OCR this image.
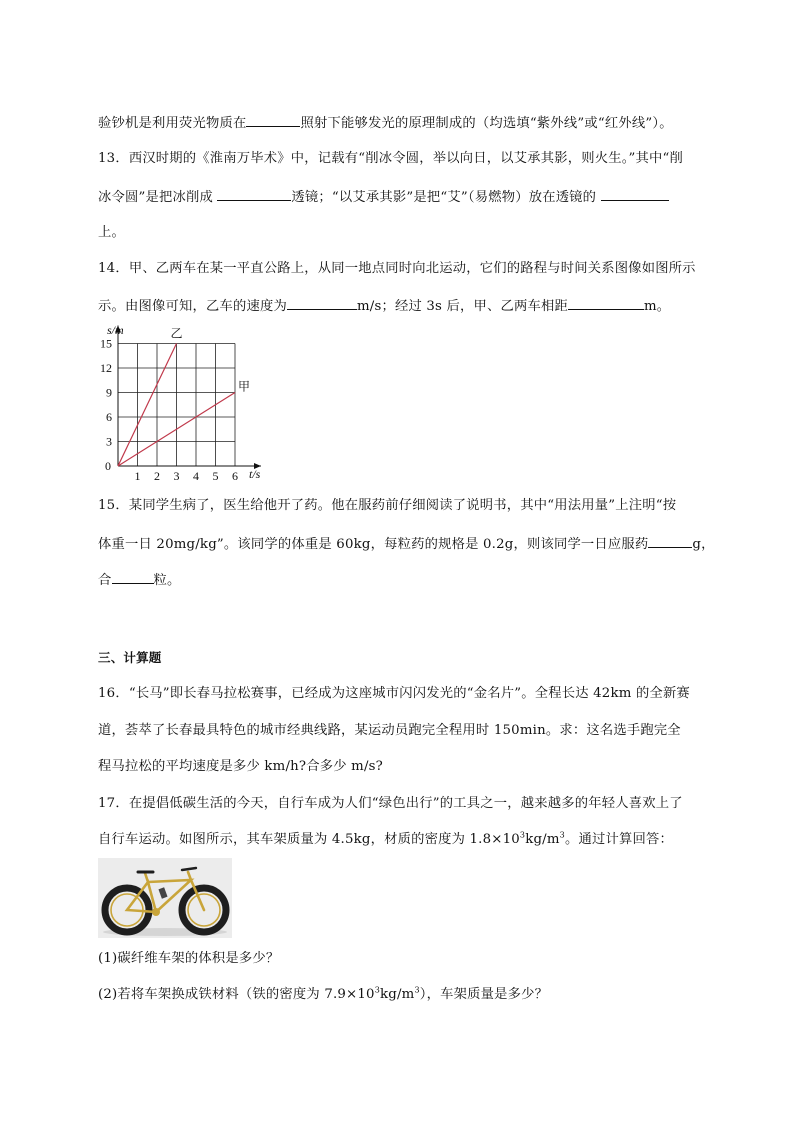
验钞机是利用荧光物质在	照射下能够发光的原理制成的（均选填“紫外线”或“红外线”）。
13．西汉时期的《淮南万毕术》中，记载有“削冰令圆，举以向日，以艾承其影，则火生。”其中“削
冰令圆”是把冰削成	透镜；“以艾承其影”是把“艾”（易燃物）放在透镜的
上。
14．甲、乙两车在某一平直公路上，从同一地点同时向北运动，它们的路程与时间关系图像如图所示
示。由图像可知，乙车的速度为	m/s；经过 3s 后，甲、乙两车相距	m。
乙
甲
1 2 3 4 5 6
3
6
9
12
15
0
s/m
t/s
15．某同学生病了，医生给他开了药。他在服药前仔细阅读了说明书，其中“用法用量”上注明“按
体重一日 20mg/kg”。该同学的体重是 60kg，每粒药的规格是 0.2g，则该同学一日应服药	g，
合	粒。
三、计算题
16．“长马”即长春马拉松赛事，已经成为这座城市闪闪发光的“金名片”。全程长达 42km 的全新赛
道，荟萃了长春最具特色的城市经典线路，某运动员跑完全程用时 150min。求：这名选手跑完全
程马拉松的平均速度是多少 km/h?合多少 m/s?
17．在提倡低碳生活的今天，自行车成为人们“绿色出行”的工具之一，越来越多的年轻人喜欢上了
自行车运动。如图所示，其车架质量为 4.5kg，材质的密度为 $1.8\times 10^3kg/m^3$。通过计算回答：
(1)碳纤维车架的体积是多少？
(2)若将车架换成铁材料（铁的密度为 $7.9\times 10^3kg/m^3$），车架质量是多少？
